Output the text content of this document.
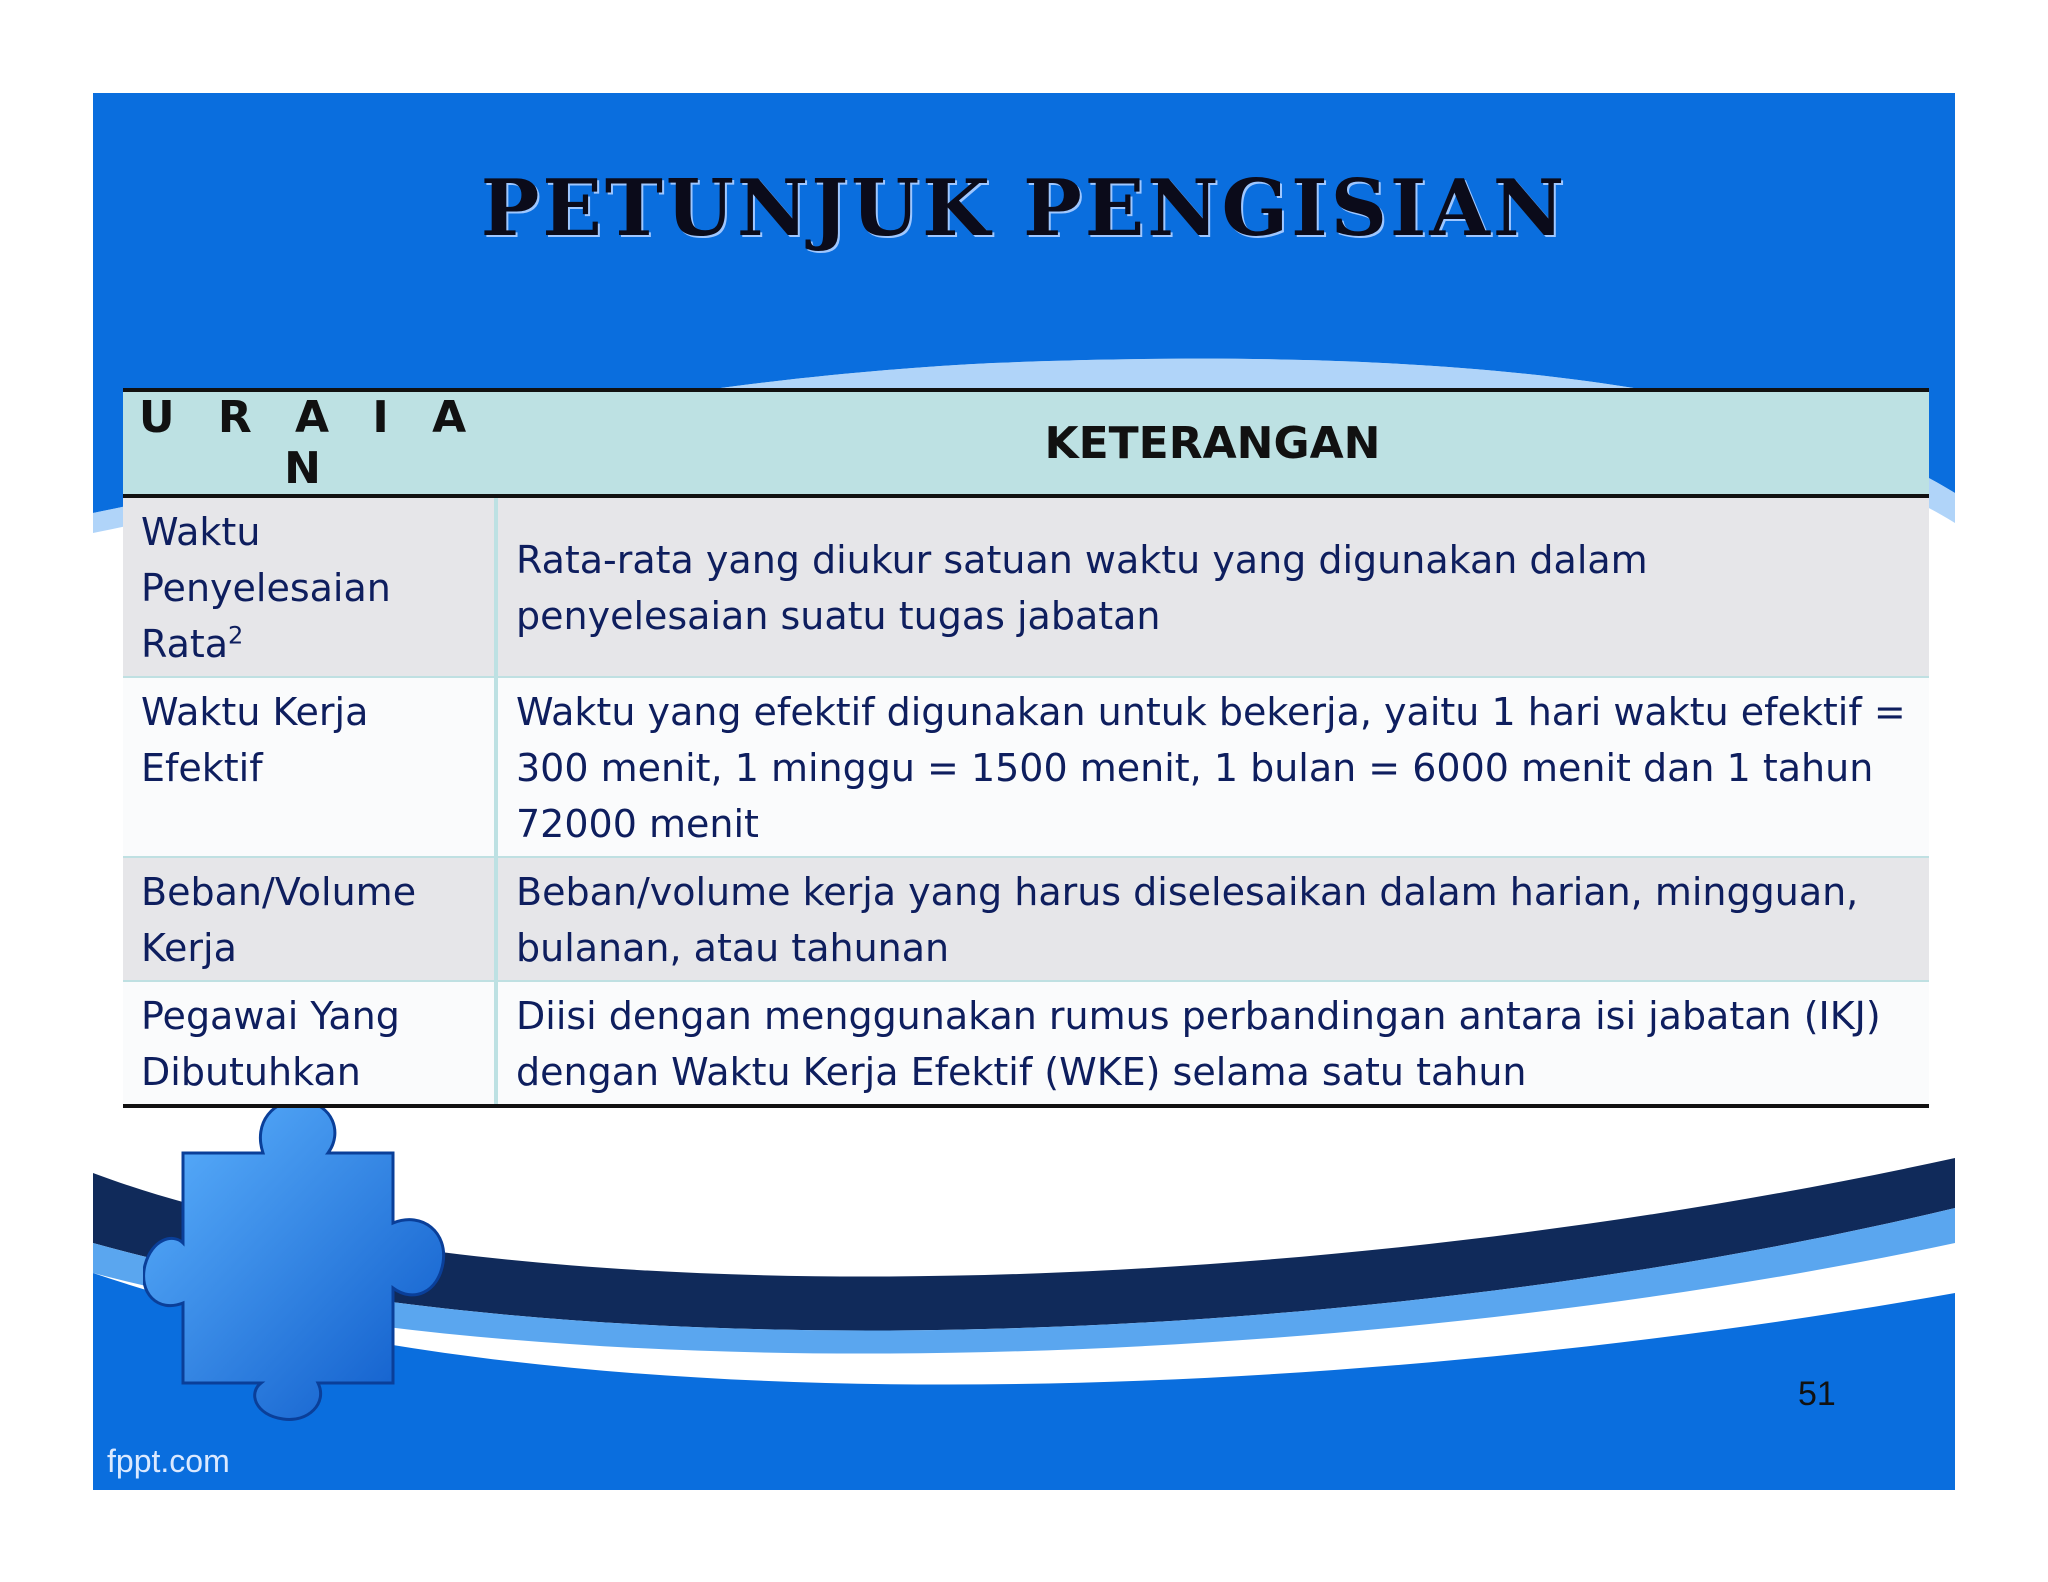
PETUNJUK PENGISIAN
51
fppt.com
U R A I A N	KETERANGAN
Waktu Penyelesaian Rata$^2$	Rata-rata yang diukur satuan waktu yang digunakan dalam penyelesaian suatu tugas jabatan
Waktu Kerja Efektif	Waktu yang efektif digunakan untuk bekerja, yaitu 1 hari waktu efektif = 300 menit, 1 minggu = 1500 menit, 1 bulan = 6000 menit dan 1 tahun 72000 menit
Beban/Volume Kerja	Beban/volume kerja yang harus diselesaikan dalam harian, mingguan, bulanan, atau tahunan
Pegawai Yang Dibutuhkan	Diisi dengan menggunakan rumus perbandingan antara isi jabatan (IKJ) dengan Waktu Kerja Efektif (WKE) selama satu tahun
